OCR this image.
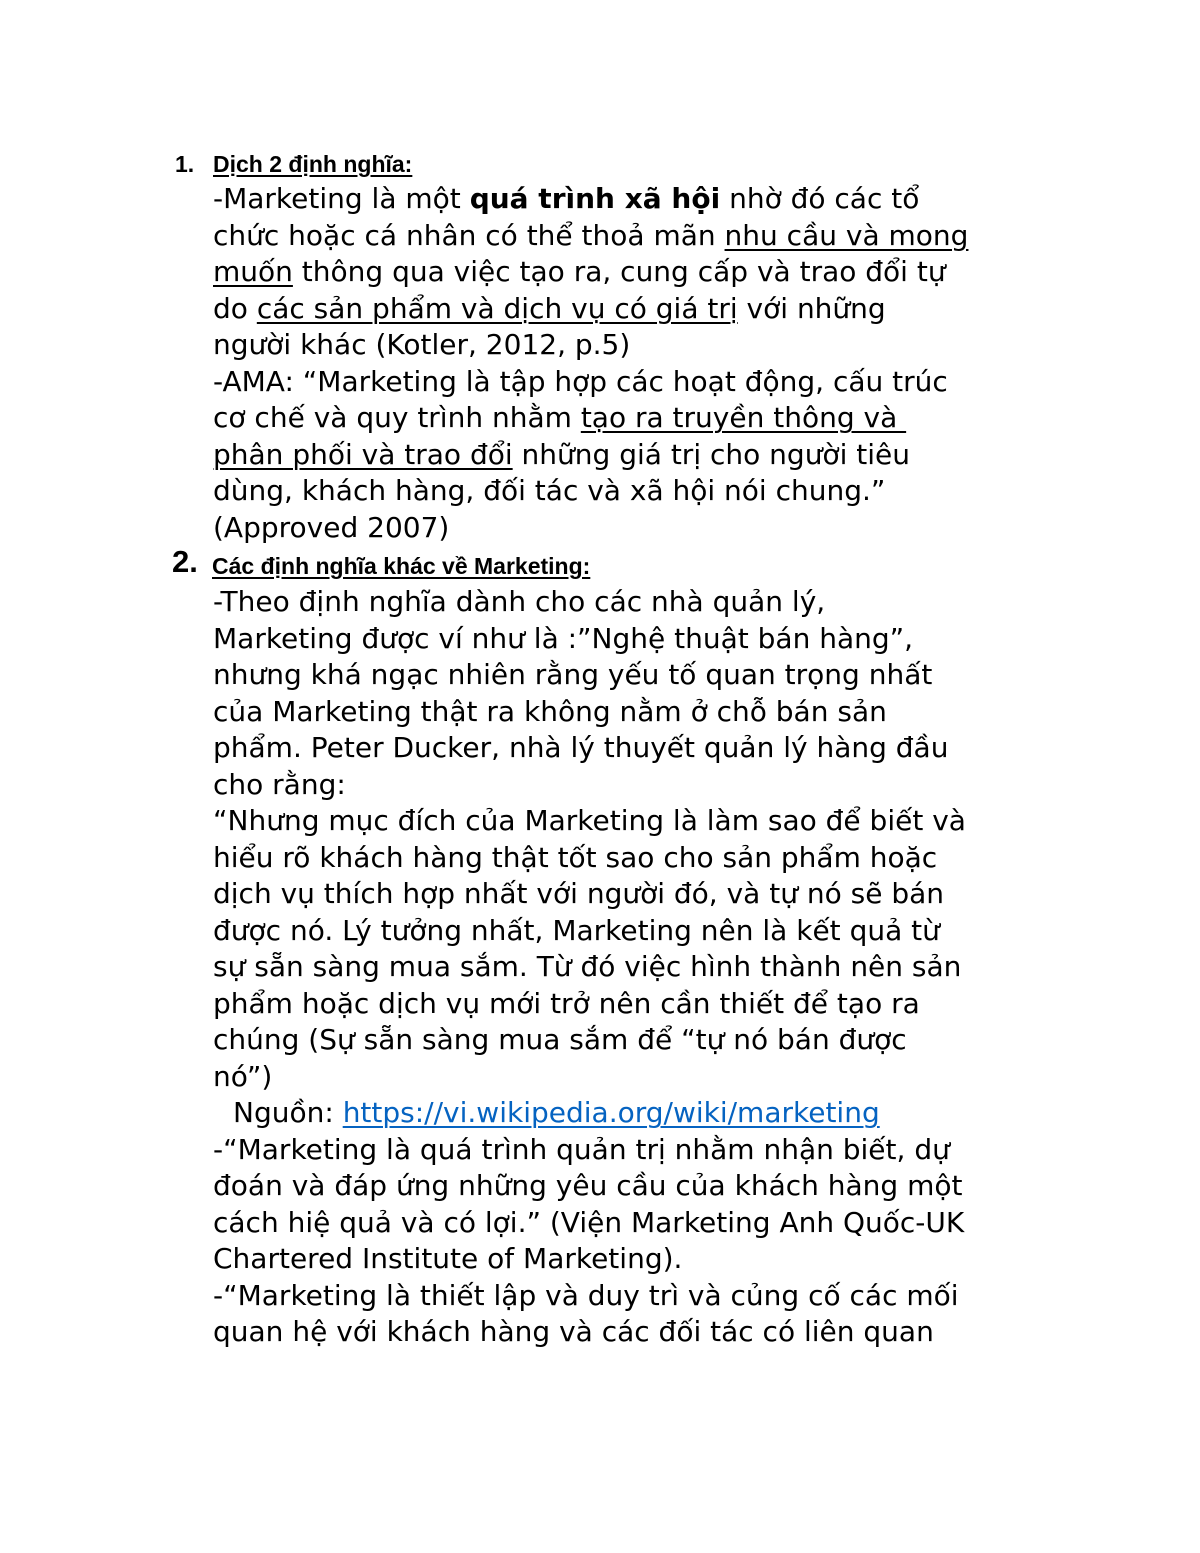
1. Dịch 2 định nghĩa:
-Marketing là một quá trình xã hội nhờ đó các tổ
chức hoặc cá nhân có thể thoả mãn nhu cầu và mong
muốn thông qua việc tạo ra, cung cấp và trao đổi tự
do các sản phẩm và dịch vụ có giá trị với những
người khác (Kotler, 2012, p.5)
-AMA: “Marketing là tập hợp các hoạt động, cấu trúc
cơ chế và quy trình nhằm tạo ra truyền thông và
phân phối và trao đổi những giá trị cho người tiêu
dùng, khách hàng, đối tác và xã hội nói chung.”
(Approved 2007)
2. Các định nghĩa khác về Marketing:
-Theo định nghĩa dành cho các nhà quản lý,
Marketing được ví như là :”Nghệ thuật bán hàng”,
nhưng khá ngạc nhiên rằng yếu tố quan trọng nhất
của Marketing thật ra không nằm ở chỗ bán sản
phẩm. Peter Ducker, nhà lý thuyết quản lý hàng đầu
cho rằng:
“Nhưng mục đích của Marketing là làm sao để biết và
hiểu rõ khách hàng thật tốt sao cho sản phẩm hoặc
dịch vụ thích hợp nhất với người đó, và tự nó sẽ bán
được nó. Lý tưởng nhất, Marketing nên là kết quả từ
sự sẵn sàng mua sắm. Từ đó việc hình thành nên sản
phẩm hoặc dịch vụ mới trở nên cần thiết để tạo ra
chúng (Sự sẵn sàng mua sắm để “tự nó bán được
nó”)
Nguồn: https://vi.wikipedia.org/wiki/marketing
-“Marketing là quá trình quản trị nhằm nhận biết, dự
đoán và đáp ứng những yêu cầu của khách hàng một
cách hiệ quả và có lợi.” (Viện Marketing Anh Quốc-UK
Chartered Institute of Marketing).
-“Marketing là thiết lập và duy trì và củng cố các mối
quan hệ với khách hàng và các đối tác có liên quan
